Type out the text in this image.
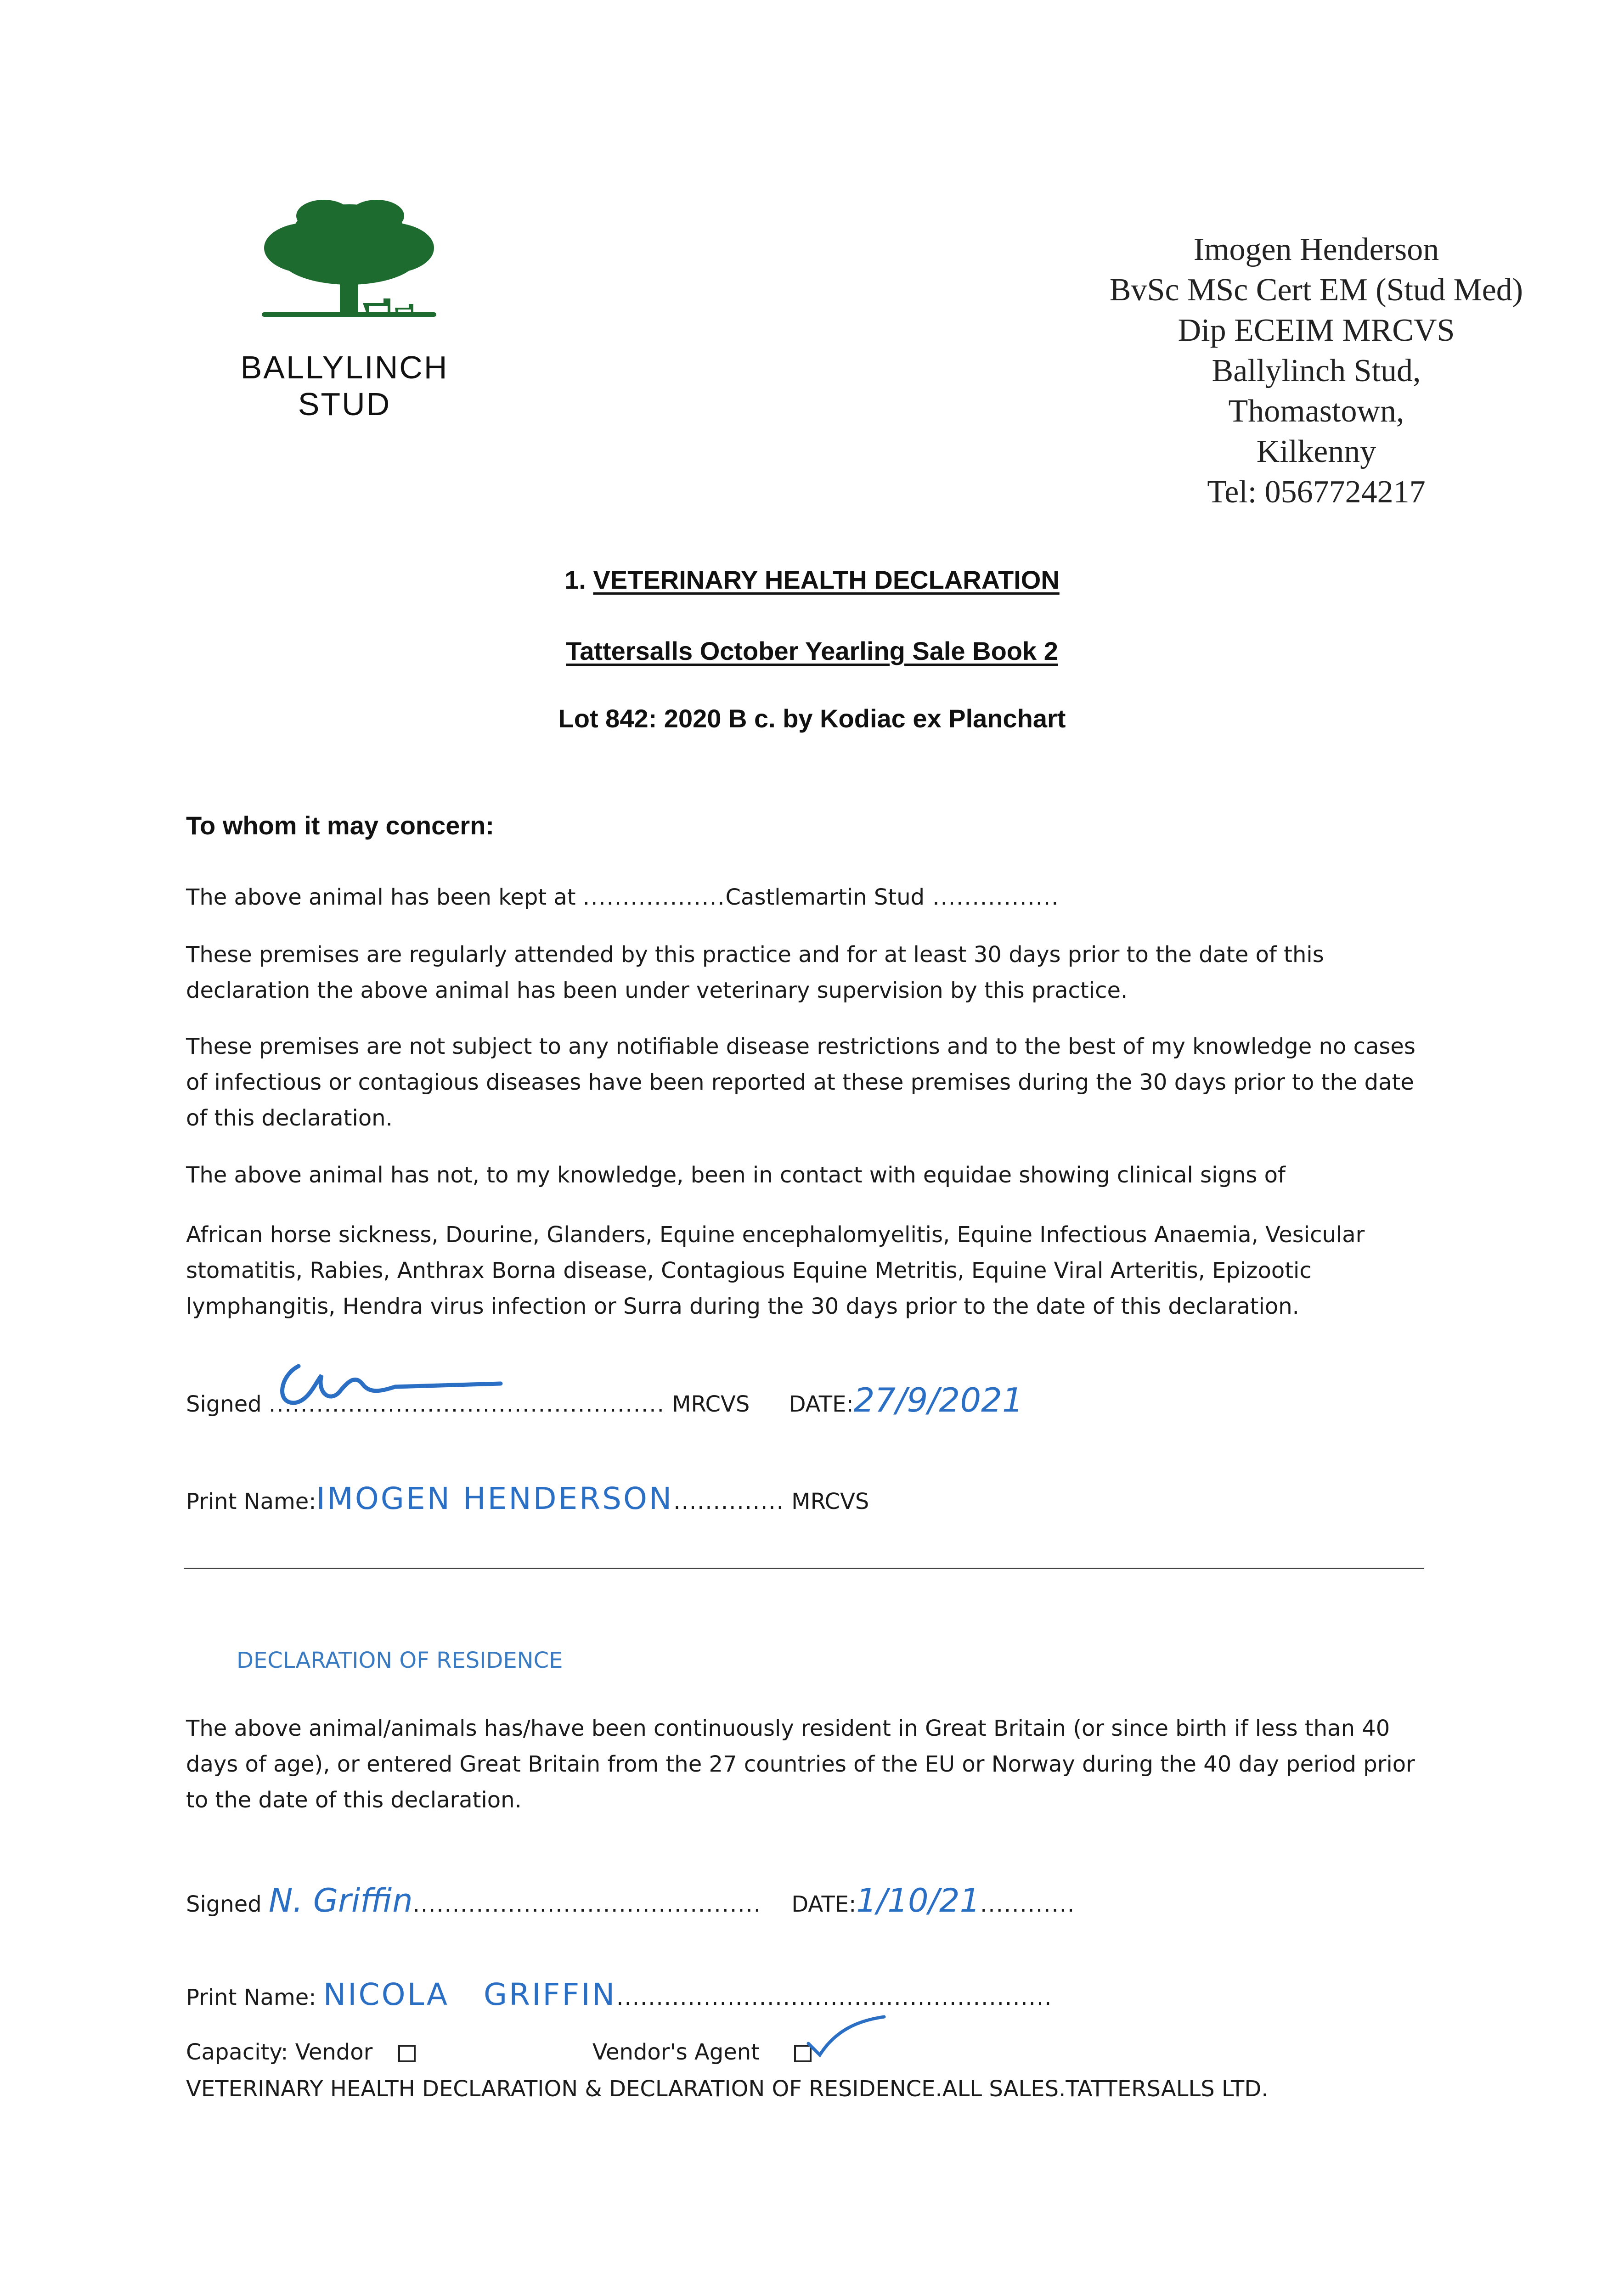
BALLYLINCH
STUD
Imogen Henderson
BvSc MSc Cert EM (Stud Med)
Dip ECEIM MRCVS
Ballylinch Stud,
Thomastown,
Kilkenny
Tel: 0567724217
1. VETERINARY HEALTH DECLARATION
Tattersalls October Yearling Sale Book 2
Lot 842: 2020 B c. by Kodiac ex Planchart
To whom it may concern:
The above animal has been kept at ..................Castlemartin Stud ................
These premises are regularly attended by this practice and for at least 30 days prior to the date of this declaration the above animal has been under veterinary supervision by this practice.
These premises are not subject to any notifiable disease restrictions and to the best of my knowledge no cases of infectious or contagious diseases have been reported at these premises during the 30 days prior to the date of this declaration.
The above animal has not, to my knowledge, been in contact with equidae showing clinical signs of
African horse sickness, Dourine, Glanders, Equine encephalomyelitis, Equine Infectious Anaemia, Vesicular stomatitis, Rabies, Anthrax Borna disease, Contagious Equine Metritis, Equine Viral Arteritis, Epizootic lymphangitis, Hendra virus infection or Surra during the 30 days prior to the date of this declaration.
Signed .................................................. MRCVS DATE:27/9/2021
Print Name:IMOGEN HENDERSON.............. MRCVS
DECLARATION OF RESIDENCE
The above animal/animals has/have been continuously resident in Great Britain (or since birth if less than 40 days of age), or entered Great Britain from the 27 countries of the EU or Norway during the 40 day period prior to the date of this declaration.
Signed N. Griffin............................................ DATE:1/10/21............
Print Name: NICOLA   GRIFFIN.......................................................
Capacity: Vendor	Vendor's Agent
VETERINARY HEALTH DECLARATION & DECLARATION OF RESIDENCE.ALL SALES.TATTERSALLS LTD.
